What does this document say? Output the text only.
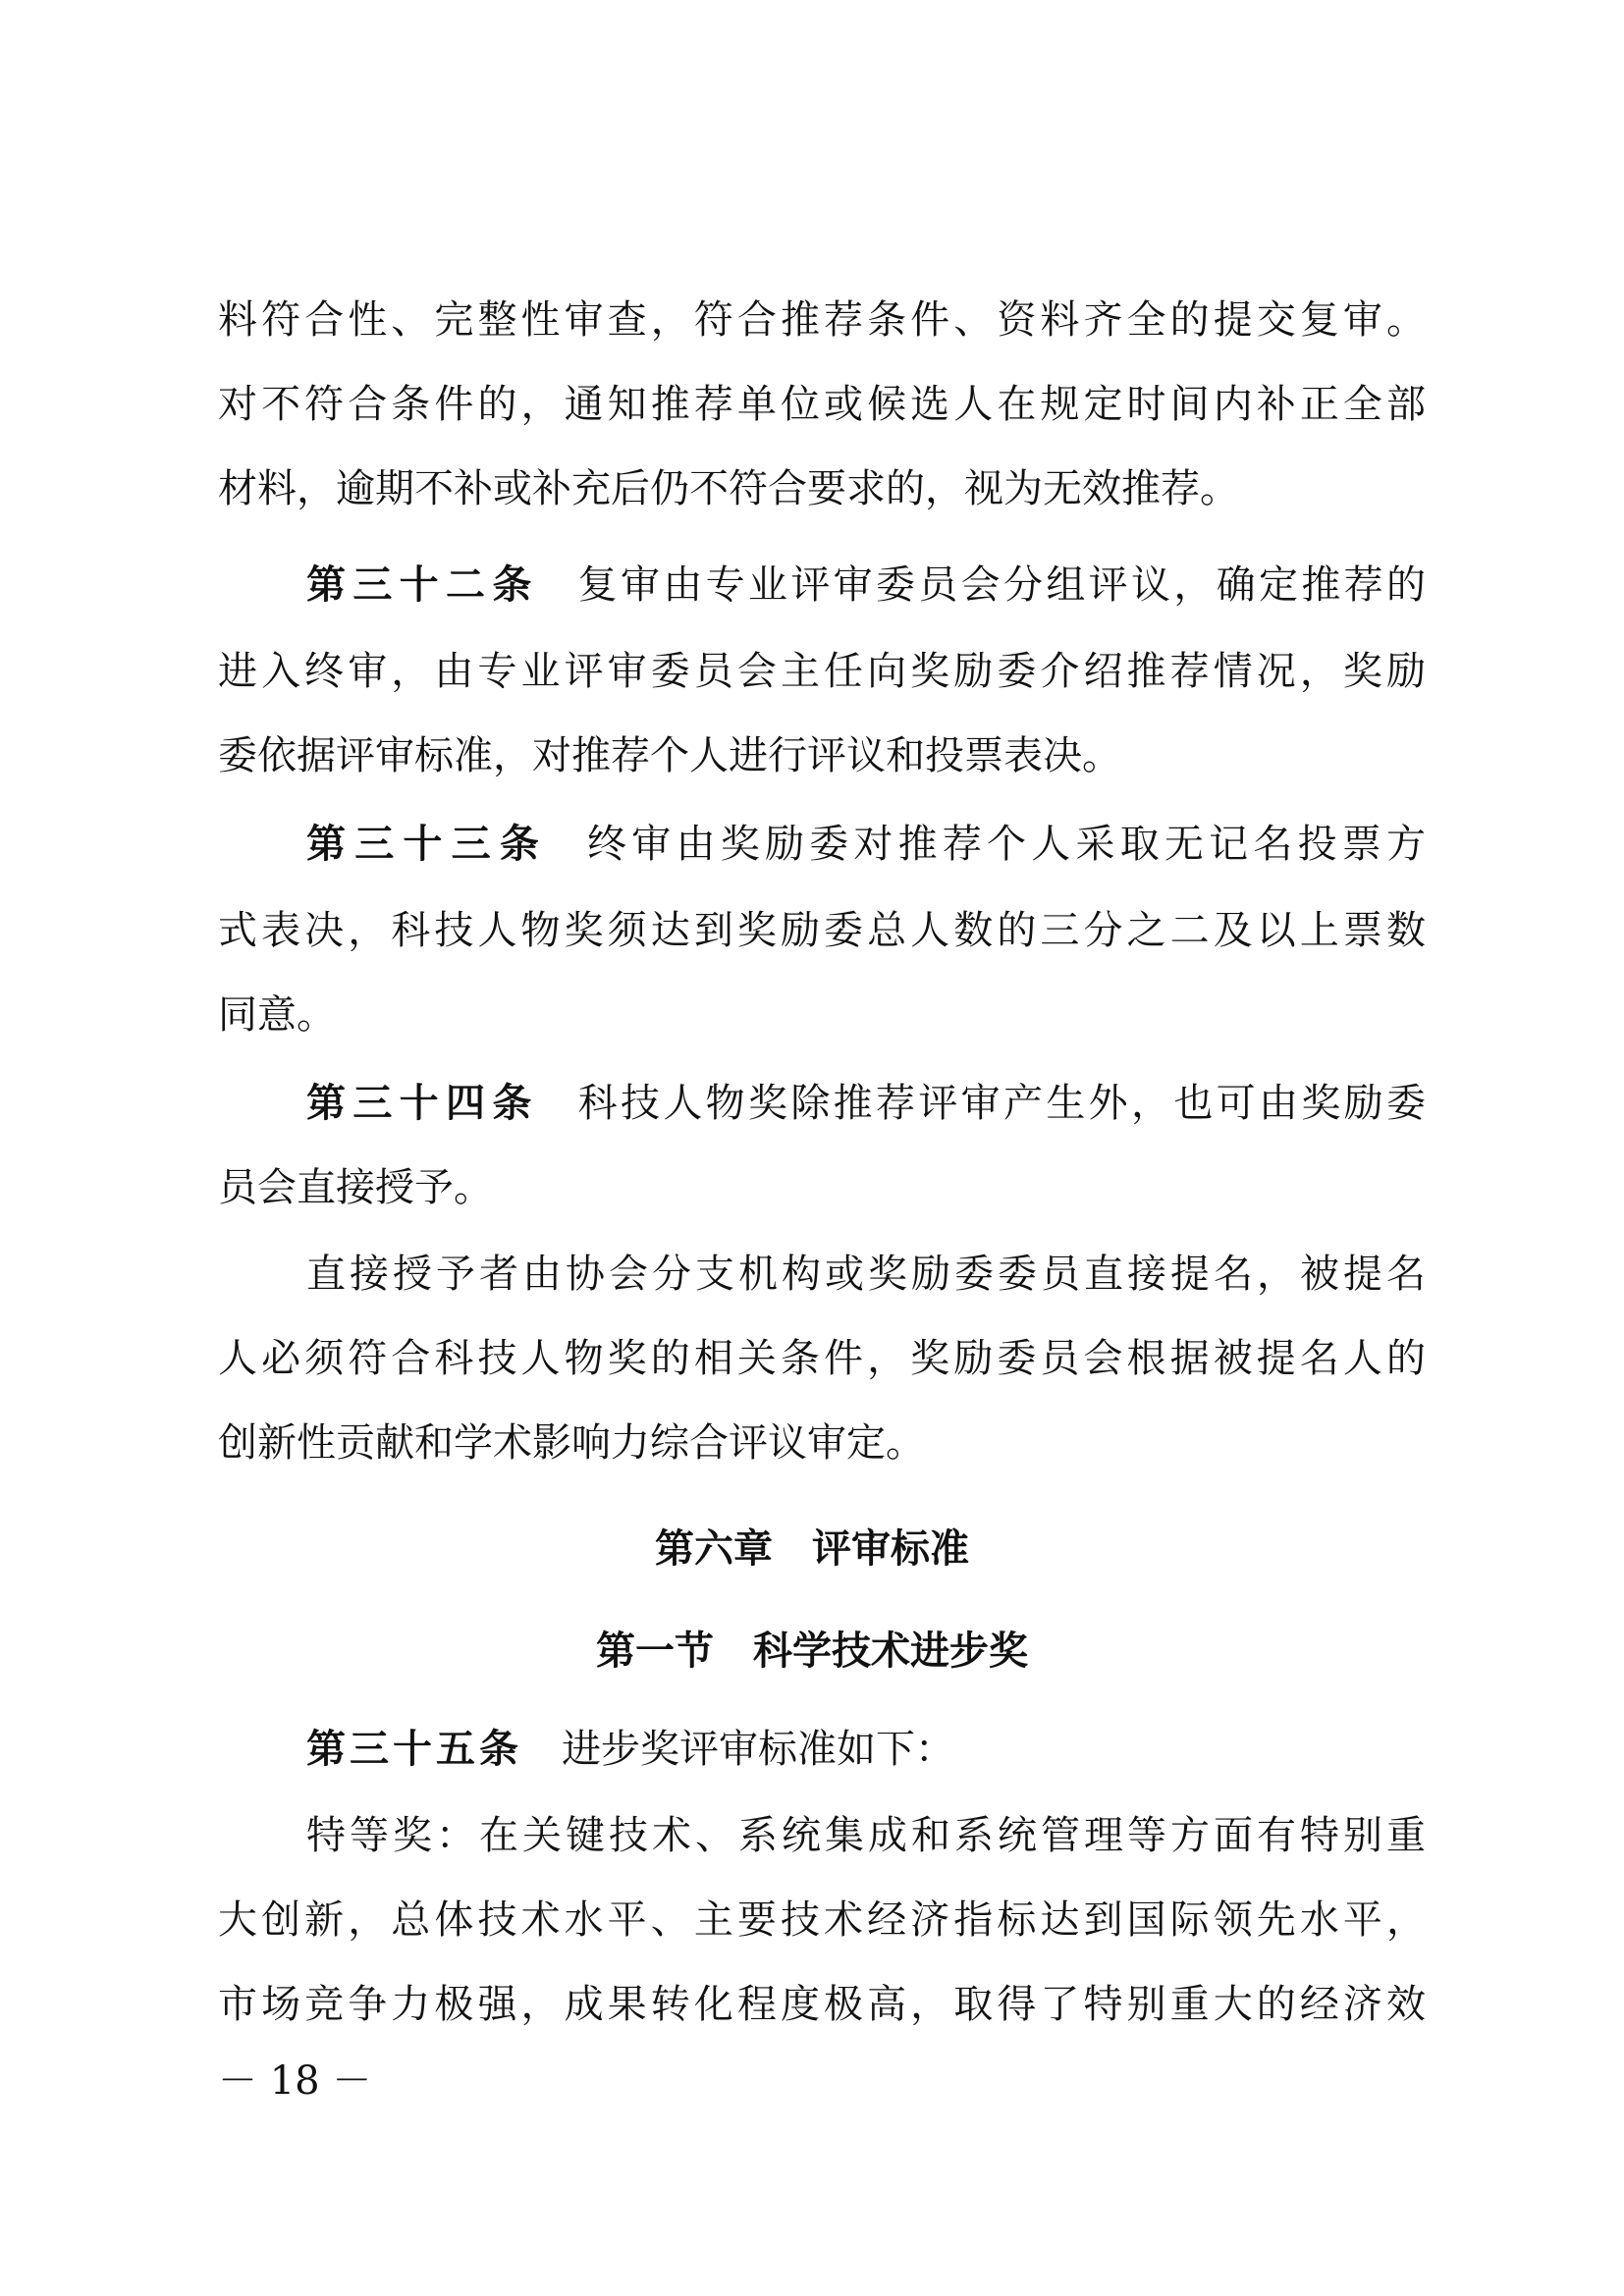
料符合性、完整性审查，符合推荐条件、资料齐全的提交复审。
对不符合条件的，通知推荐单位或候选人在规定时间内补正全部
材料，逾期不补或补充后仍不符合要求的，视为无效推荐。
第三十二条 复审由专业评审委员会分组评议，确定推荐的
进入终审，由专业评审委员会主任向奖励委介绍推荐情况，奖励
委依据评审标准，对推荐个人进行评议和投票表决。
第三十三条 终审由奖励委对推荐个人采取无记名投票方
式表决，科技人物奖须达到奖励委总人数的三分之二及以上票数
同意。
第三十四条 科技人物奖除推荐评审产生外，也可由奖励委
员会直接授予。
直接授予者由协会分支机构或奖励委委员直接提名，被提名
人必须符合科技人物奖的相关条件，奖励委员会根据被提名人的
创新性贡献和学术影响力综合评议审定。
第六章　评审标准
第一节　科学技术进步奖
第三十五条 进步奖评审标准如下：
特等奖：在关键技术、系统集成和系统管理等方面有特别重
大创新，总体技术水平、主要技术经济指标达到国际领先水平，
市场竞争力极强，成果转化程度极高，取得了特别重大的经济效
－ 18 －
